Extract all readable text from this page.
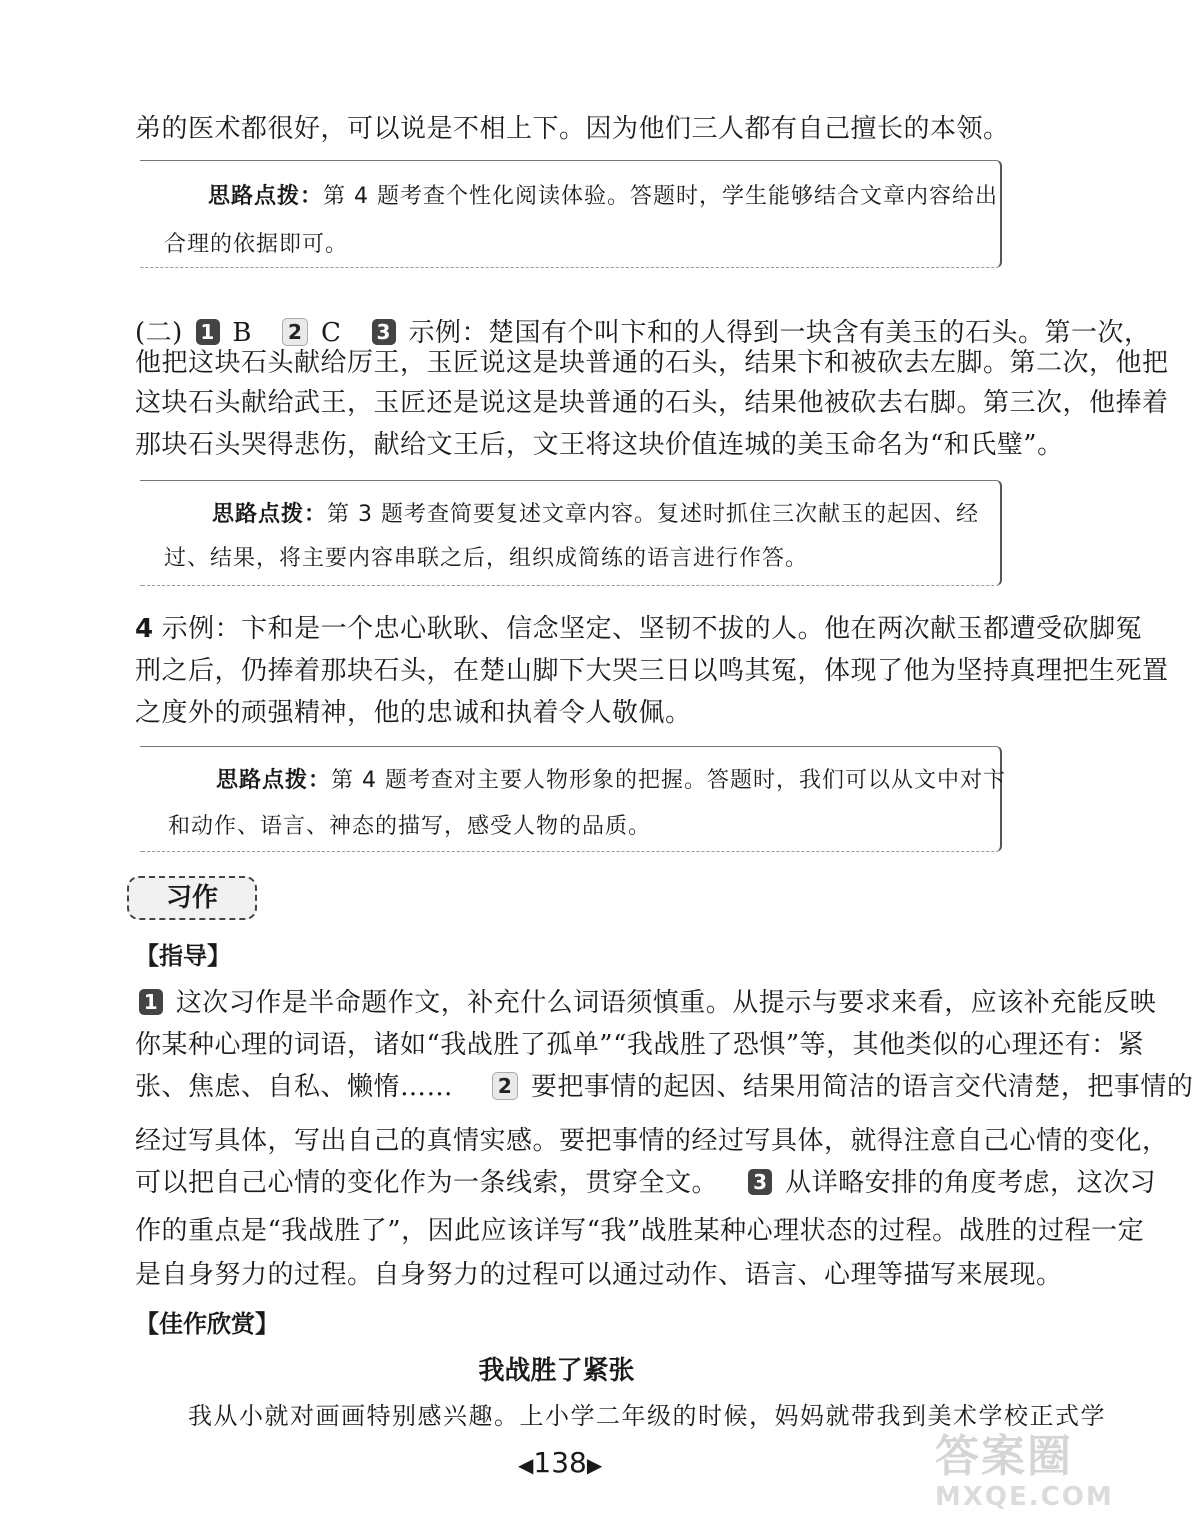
弟的医术都很好，可以说是不相上下。因为他们三人都有自己擅长的本领。
思路点拨：第 4 题考查个性化阅读体验。答题时，学生能够结合文章内容给出
合理的依据即可。
(二) 1 B 2 C 3 示例：楚国有个叫卞和的人得到一块含有美玉的石头。第一次，
他把这块石头献给厉王，玉匠说这是块普通的石头，结果卞和被砍去左脚。第二次，他把
这块石头献给武王，玉匠还是说这是块普通的石头，结果他被砍去右脚。第三次，他捧着
那块石头哭得悲伤，献给文王后，文王将这块价值连城的美玉命名为“和氏璧”。
思路点拨：第 3 题考查简要复述文章内容。复述时抓住三次献玉的起因、经
过、结果，将主要内容串联之后，组织成简练的语言进行作答。
4 示例：卞和是一个忠心耿耿、信念坚定、坚韧不拔的人。他在两次献玉都遭受砍脚冤
刑之后，仍捧着那块石头，在楚山脚下大哭三日以鸣其冤，体现了他为坚持真理把生死置
之度外的顽强精神，他的忠诚和执着令人敬佩。
思路点拨：第 4 题考查对主要人物形象的把握。答题时，我们可以从文中对卞
和动作、语言、神态的描写，感受人物的品质。
习作
【指导】
1 这次习作是半命题作文，补充什么词语须慎重。从提示与要求来看，应该补充能反映
你某种心理的词语，诸如“我战胜了孤单”“我战胜了恐惧”等，其他类似的心理还有：紧
张、焦虑、自私、懒惰…… 2 要把事情的起因、结果用简洁的语言交代清楚，把事情的
经过写具体，写出自己的真情实感。要把事情的经过写具体，就得注意自己心情的变化，
可以把自己心情的变化作为一条线索，贯穿全文。 3 从详略安排的角度考虑，这次习
作的重点是“我战胜了”，因此应该详写“我”战胜某种心理状态的过程。战胜的过程一定
是自身努力的过程。自身努力的过程可以通过动作、语言、心理等描写来展现。
【佳作欣赏】
我战胜了紧张
我从小就对画画特别感兴趣。上小学二年级的时候，妈妈就带我到美术学校正式学
◀138▶	答案圈
MXQE.COM
